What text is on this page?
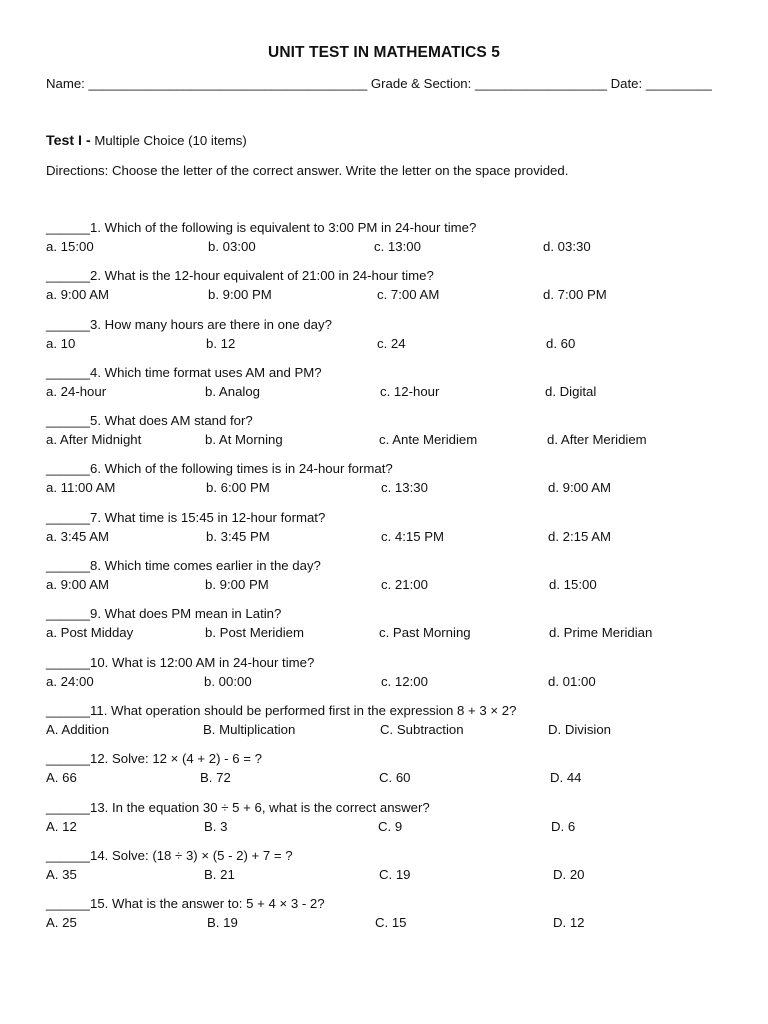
UNIT TEST IN MATHEMATICS 5
Name: ______________________________________ Grade & Section: __________________ Date: _________
Test I - Multiple Choice (10 items)
Directions: Choose the letter of the correct answer. Write the letter on the space provided.
______1. Which of the following is equivalent to 3:00 PM in 24-hour time?
a. 15:00	b. 03:00	c. 13:00	d. 03:30
______2. What is the 12-hour equivalent of 21:00 in 24-hour time?
a. 9:00 AM	b. 9:00 PM	c. 7:00 AM	d. 7:00 PM
______3. How many hours are there in one day?
a. 10	b. 12	c. 24	d. 60
______4. Which time format uses AM and PM?
a. 24-hour	b. Analog	c. 12-hour	d. Digital
______5. What does AM stand for?
a. After Midnight	b. At Morning	c. Ante Meridiem	d. After Meridiem
______6. Which of the following times is in 24-hour format?
a. 11:00 AM	b. 6:00 PM	c. 13:30	d. 9:00 AM
______7. What time is 15:45 in 12-hour format?
a. 3:45 AM	b. 3:45 PM	c. 4:15 PM	d. 2:15 AM
______8. Which time comes earlier in the day?
a. 9:00 AM	b. 9:00 PM	c. 21:00	d. 15:00
______9. What does PM mean in Latin?
a. Post Midday	b. Post Meridiem	c. Past Morning	d. Prime Meridian
______10. What is 12:00 AM in 24-hour time?
a. 24:00	b. 00:00	c. 12:00	d. 01:00
______11. What operation should be performed first in the expression 8 + 3 × 2?
A. Addition	B. Multiplication	C. Subtraction	D. Division
______12. Solve: 12 × (4 + 2) - 6 = ?
A. 66	B. 72	C. 60	D. 44
______13. In the equation 30 ÷ 5 + 6, what is the correct answer?
A. 12	B. 3	C. 9	D. 6
______14. Solve: (18 ÷ 3) × (5 - 2) + 7 = ?
A. 35	B. 21	C. 19	D. 20
______15. What is the answer to: 5 + 4 × 3 - 2?
A. 25	B. 19	C. 15	D. 12
